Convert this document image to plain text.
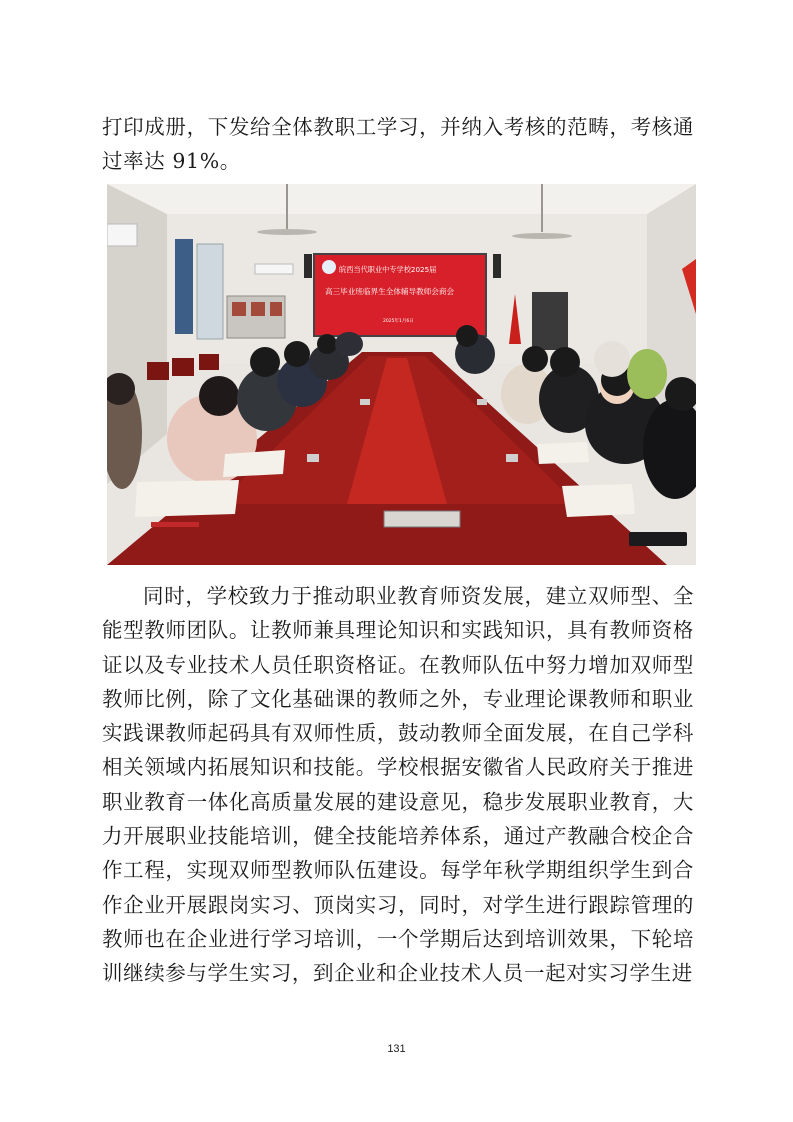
打印成册，下发给全体教职工学习，并纳入考核的范畴，考核通过率达 91%。

皖西当代职业中专学校2025届
高三毕业班临界生全体辅导教师会商会
2025年1月6日

同时，学校致力于推动职业教育师资发展，建立双师型、全能型教师团队。让教师兼具理论知识和实践知识，具有教师资格证以及专业技术人员任职资格证。在教师队伍中努力增加双师型教师比例，除了文化基础课的教师之外，专业理论课教师和职业实践课教师起码具有双师性质，鼓动教师全面发展，在自己学科相关领域内拓展知识和技能。学校根据安徽省人民政府关于推进职业教育一体化高质量发展的建设意见，稳步发展职业教育，大力开展职业技能培训，健全技能培养体系，通过产教融合校企合作工程，实现双师型教师队伍建设。每学年秋学期组织学生到合作企业开展跟岗实习、顶岗实习，同时，对学生进行跟踪管理的教师也在企业进行学习培训，一个学期后达到培训效果，下轮培训继续参与学生实习，到企业和企业技术人员一起对实习学生进

131
